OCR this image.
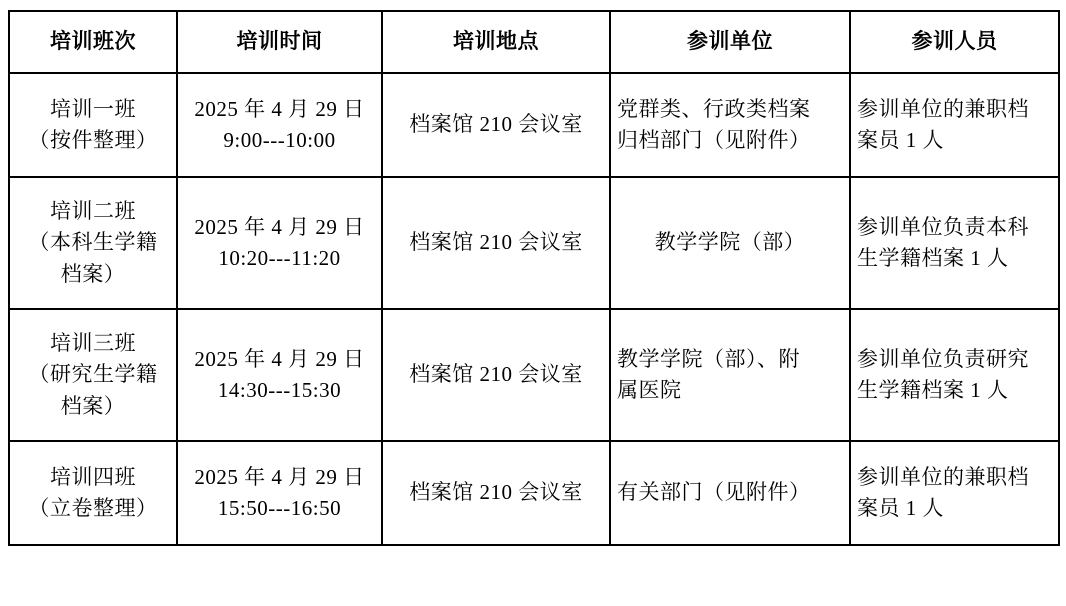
培训班次	培训时间	培训地点	参训单位	参训人员

培训一班
（按件整理）	2025 年 4 月 29 日
9:00---10:00	档案馆 210 会议室	党群类、行政类档案
归档部门（见附件）	参训单位的兼职档
案员 1 人

培训二班
（本科生学籍
档案）	2025 年 4 月 29 日
10:20---11:20	档案馆 210 会议室	教学学院（部）	参训单位负责本科
生学籍档案 1 人

培训三班
（研究生学籍
档案）	2025 年 4 月 29 日
14:30---15:30	档案馆 210 会议室	教学学院（部）、附
属医院	参训单位负责研究
生学籍档案 1 人

培训四班
（立卷整理）	2025 年 4 月 29 日
15:50---16:50	档案馆 210 会议室	有关部门（见附件）	参训单位的兼职档
案员 1 人
